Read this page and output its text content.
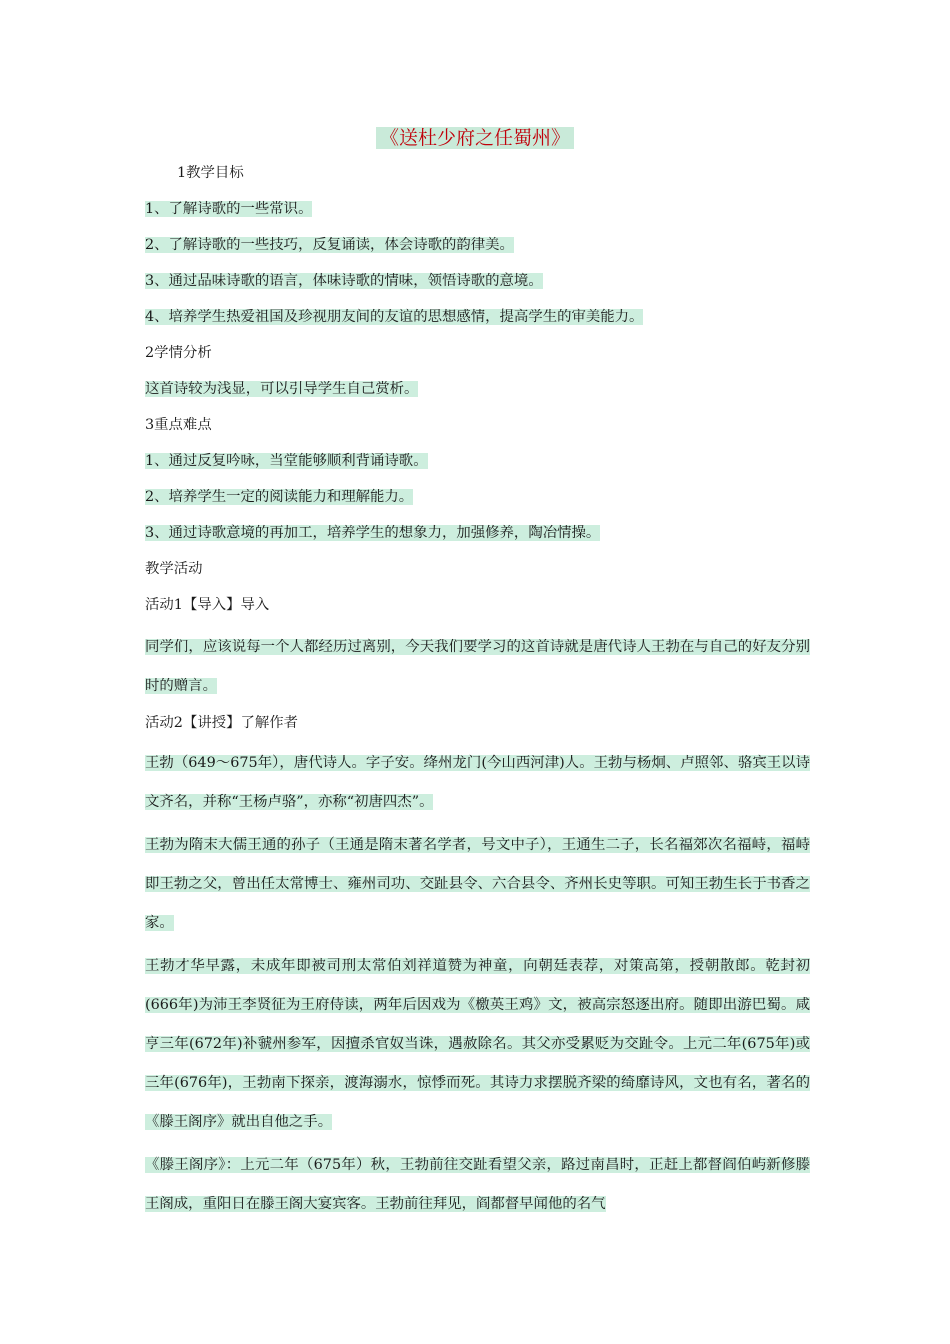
《送杜少府之任蜀州》

1教学目标

1、了解诗歌的一些常识。

2、了解诗歌的一些技巧，反复诵读，体会诗歌的韵律美。

3、通过品味诗歌的语言，体味诗歌的情味，领悟诗歌的意境。

4、培养学生热爱祖国及珍视朋友间的友谊的思想感情，提高学生的审美能力。

2学情分析

这首诗较为浅显，可以引导学生自己赏析。

3重点难点

1、通过反复吟咏，当堂能够顺利背诵诗歌。

2、培养学生一定的阅读能力和理解能力。

3、通过诗歌意境的再加工，培养学生的想象力，加强修养，陶冶情操。

教学活动

活动1【导入】导入

同学们，应该说每一个人都经历过离别，今天我们要学习的这首诗就是唐代诗人王勃在与自己的好友分别时的赠言。

活动2【讲授】了解作者

王勃（649～675年），唐代诗人。字子安。绛州龙门(今山西河津)人。王勃与杨炯、卢照邻、骆宾王以诗文齐名，并称“王杨卢骆”，亦称“初唐四杰”。

王勃为隋末大儒王通的孙子（王通是隋末著名学者，号文中子），王通生二子，长名福郊次名福峙，福峙即王勃之父，曾出任太常博士、雍州司功、交趾县令、六合县令、齐州长史等职。可知王勃生长于书香之家。

王勃才华早露，未成年即被司刑太常伯刘祥道赞为神童，向朝廷表荐，对策高第，授朝散郎。乾封初(666年)为沛王李贤征为王府侍读，两年后因戏为《檄英王鸡》文，被高宗怒逐出府。随即出游巴蜀。咸亨三年(672年)补虢州参军，因擅杀官奴当诛，遇赦除名。其父亦受累贬为交趾令。上元二年(675年)或三年(676年)，王勃南下探亲，渡海溺水，惊悸而死。其诗力求摆脱齐梁的绮靡诗风，文也有名，著名的《滕王阁序》就出自他之手。

《滕王阁序》：上元二年（675年）秋，王勃前往交趾看望父亲，路过南昌时，正赶上都督阎伯屿新修滕王阁成，重阳日在滕王阁大宴宾客。王勃前往拜见，阎都督早闻他的名气
